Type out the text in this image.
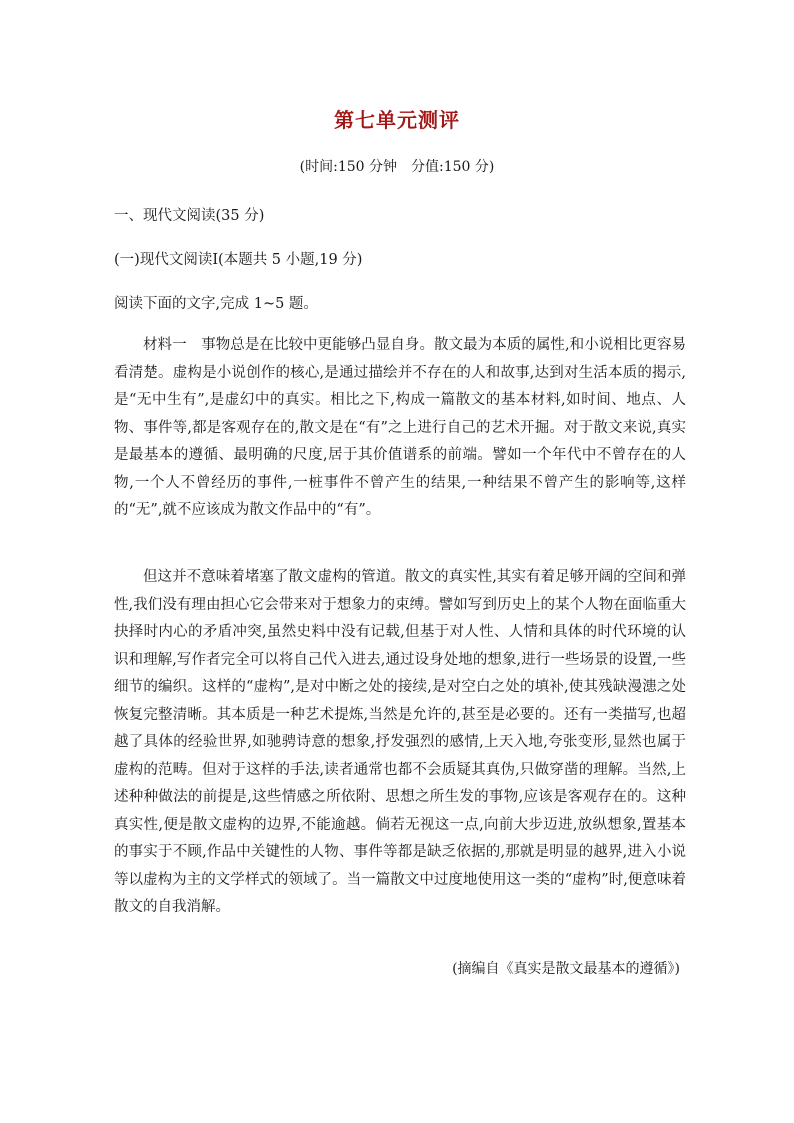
第七单元测评
(时间:150 分钟　分值:150 分)
一、现代文阅读(35 分)
(一)现代文阅读Ⅰ(本题共 5 小题,19 分)
阅读下面的文字,完成 1~5 题。
材料一　事物总是在比较中更能够凸显自身。散文最为本质的属性,和小说相比更容易看清楚。虚构是小说创作的核心,是通过描绘并不存在的人和故事,达到对生活本质的揭示,是“无中生有”,是虚幻中的真实。相比之下,构成一篇散文的基本材料,如时间、地点、人物、事件等,都是客观存在的,散文是在“有”之上进行自己的艺术开掘。对于散文来说,真实是最基本的遵循、最明确的尺度,居于其价值谱系的前端。譬如一个年代中不曾存在的人物,一个人不曾经历的事件,一桩事件不曾产生的结果,一种结果不曾产生的影响等,这样的“无”,就不应该成为散文作品中的“有”。
但这并不意味着堵塞了散文虚构的管道。散文的真实性,其实有着足够开阔的空间和弹性,我们没有理由担心它会带来对于想象力的束缚。譬如写到历史上的某个人物在面临重大抉择时内心的矛盾冲突,虽然史料中没有记载,但基于对人性、人情和具体的时代环境的认识和理解,写作者完全可以将自己代入进去,通过设身处地的想象,进行一些场景的设置,一些细节的编织。这样的“虚构”,是对中断之处的接续,是对空白之处的填补,使其残缺漫漶之处恢复完整清晰。其本质是一种艺术提炼,当然是允许的,甚至是必要的。还有一类描写,也超越了具体的经验世界,如驰骋诗意的想象,抒发强烈的感情,上天入地,夸张变形,显然也属于虚构的范畴。但对于这样的手法,读者通常也都不会质疑其真伪,只做穿凿的理解。当然,上述种种做法的前提是,这些情感之所依附、思想之所生发的事物,应该是客观存在的。这种真实性,便是散文虚构的边界,不能逾越。倘若无视这一点,向前大步迈进,放纵想象,置基本的事实于不顾,作品中关键性的人物、事件等都是缺乏依据的,那就是明显的越界,进入小说等以虚构为主的文学样式的领域了。当一篇散文中过度地使用这一类的“虚构”时,便意味着散文的自我消解。
(摘编自《真实是散文最基本的遵循》)
